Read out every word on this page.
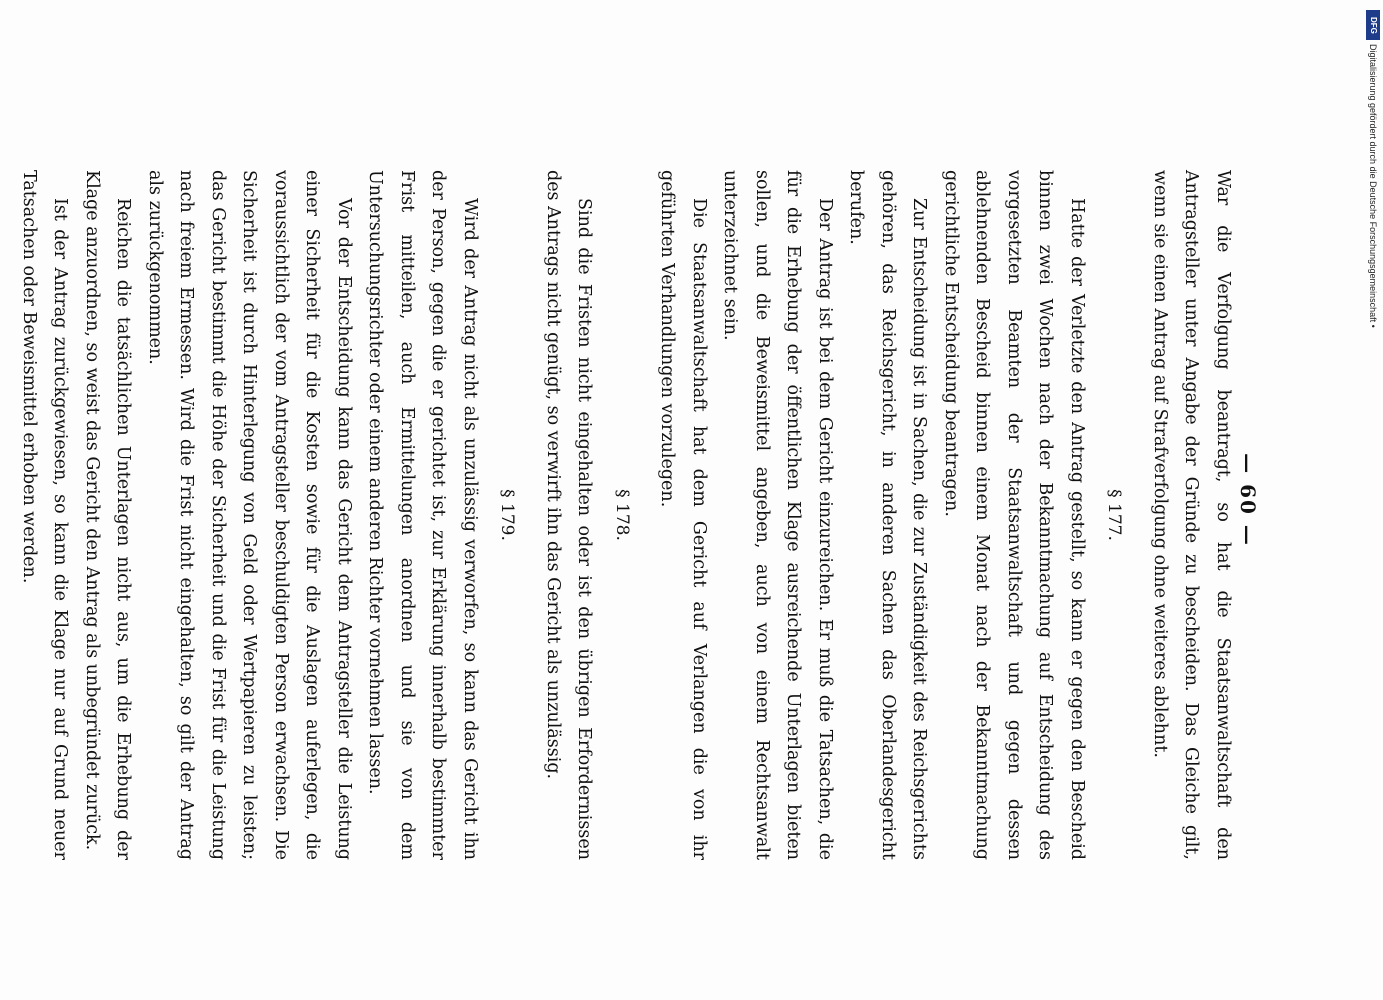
— 60 —

War die Verfolgung beantragt, so hat die Staatsanwaltschaft den Antragsteller unter Angabe der Gründe zu bescheiden. Das Gleiche gilt, wenn sie einen Antrag auf Strafverfolgung ohne weiteres ablehnt.

§ 177.

Hatte der Verletzte den Antrag gestellt, so kann er gegen den Bescheid binnen zwei Wochen nach der Bekanntmachung auf Entscheidung des vorgesetzten Beamten der Staatsanwaltschaft und gegen dessen ablehnenden Bescheid binnen einem Monat nach der Bekanntmachung gerichtliche Entscheidung beantragen.

Zur Entscheidung ist in Sachen, die zur Zuständigkeit des Reichsgerichts gehören, das Reichsgericht, in anderen Sachen das Oberlandesgericht berufen.

Der Antrag ist bei dem Gericht einzureichen. Er muß die Tatsachen, die für die Erhebung der öffentlichen Klage ausreichende Unterlagen bieten sollen, und die Beweismittel angeben, auch von einem Rechtsanwalt unterzeichnet sein.

Die Staatsanwaltschaft hat dem Gericht auf Verlangen die von ihr geführten Verhandlungen vorzulegen.

§ 178.

Sind die Fristen nicht eingehalten oder ist den übrigen Erfordernissen des Antrags nicht genügt, so verwirft ihn das Gericht als unzulässig.

§ 179.

Wird der Antrag nicht als unzulässig verworfen, so kann das Gericht ihn der Person, gegen die er gerichtet ist, zur Erklärung innerhalb bestimmter Frist mitteilen, auch Ermittelungen anordnen und sie von dem Untersuchungsrichter oder einem anderen Richter vornehmen lassen.

Vor der Entscheidung kann das Gericht dem Antragsteller die Leistung einer Sicherheit für die Kosten sowie für die Auslagen auferlegen, die voraussichtlich der vom Antragsteller beschuldigten Person erwachsen. Die Sicherheit ist durch Hinterlegung von Geld oder Wertpapieren zu leisten; das Gericht bestimmt die Höhe der Sicherheit und die Frist für die Leistung nach freiem Ermessen. Wird die Frist nicht eingehalten, so gilt der Antrag als zurückgenommen.

Reichen die tatsächlichen Unterlagen nicht aus, um die Erhebung der Klage anzuordnen, so weist das Gericht den Antrag als unbegründet zurück.

Ist der Antrag zurückgewiesen, so kann die Klage nur auf Grund neuer Tatsachen oder Beweismittel erhoben werden.

DFG
Digitalisierung gefördert durch die Deutsche Forschungsgemeinschaft •
